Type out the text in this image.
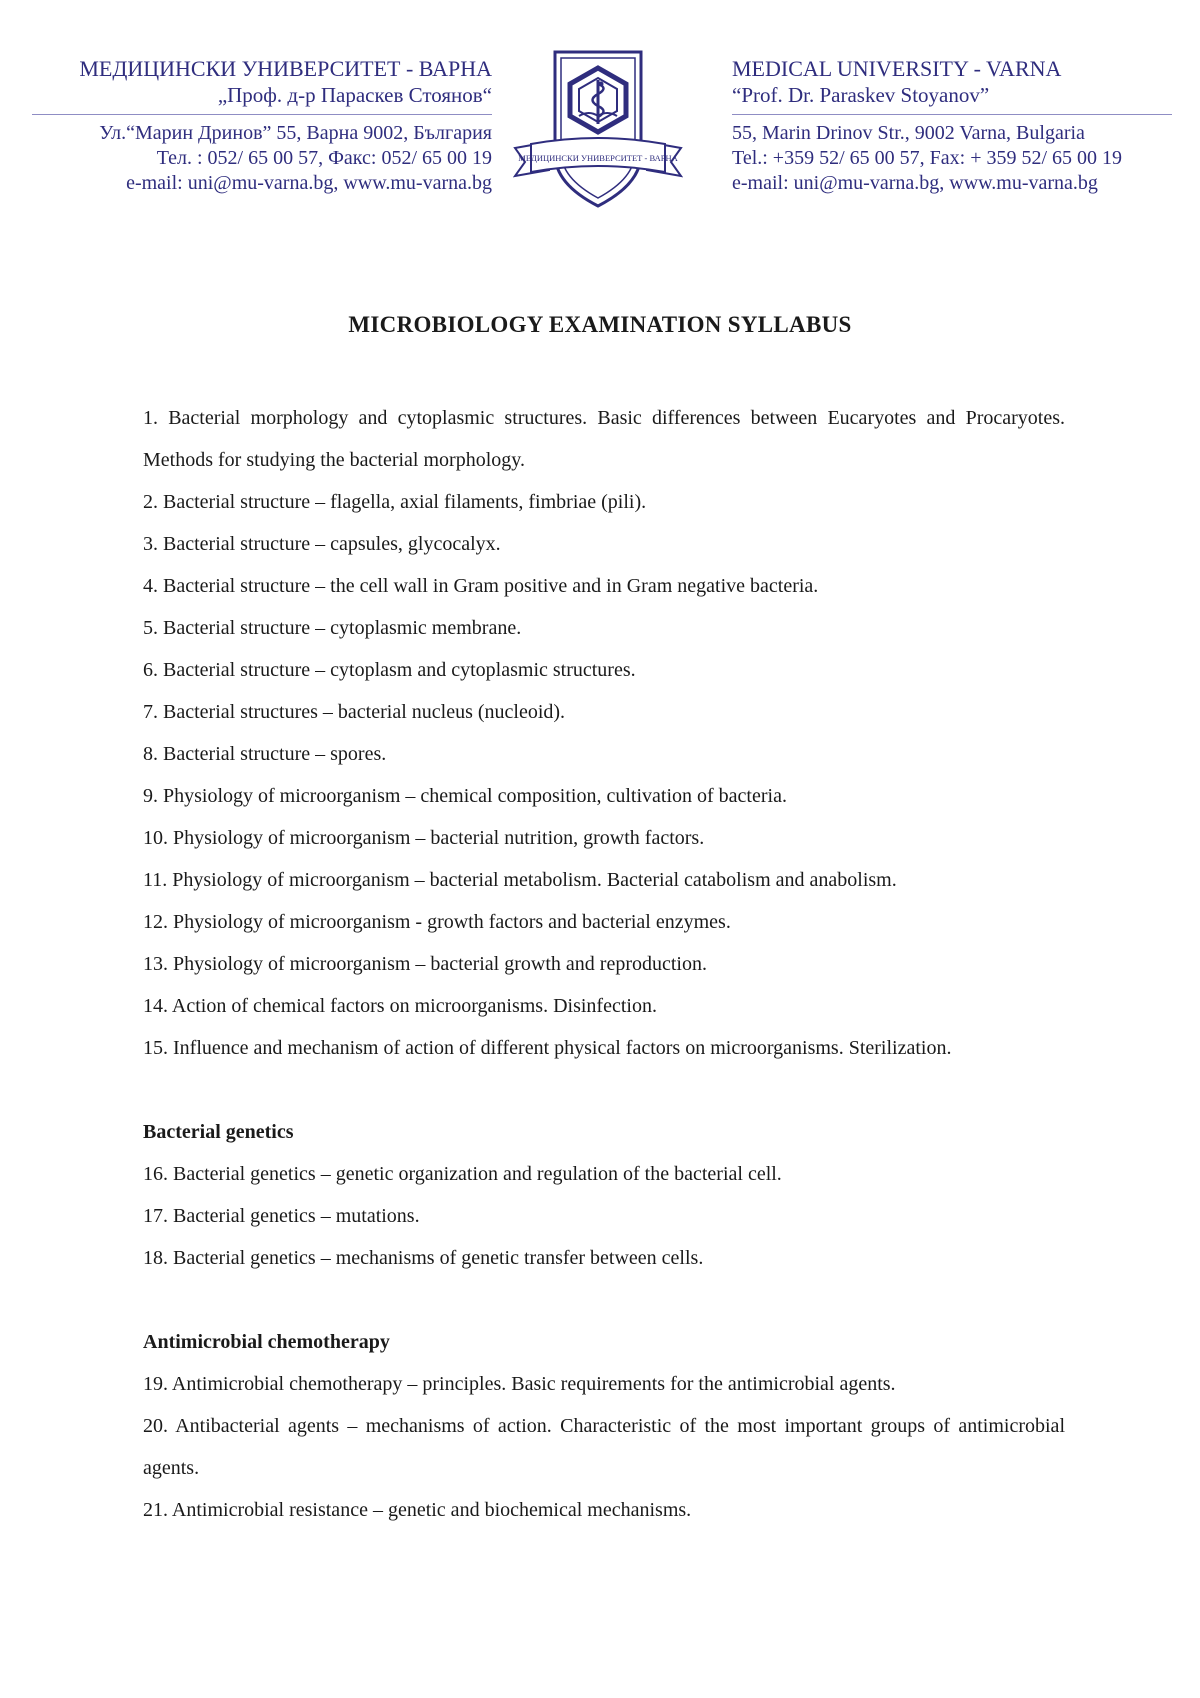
МЕДИЦИНСКИ УНИВЕРСИТЕТ - ВАРНА
„Проф. д-р Параскев Стоянов“
Ул.“Марин Дринов” 55, Варна 9002, България
Тел. : 052/ 65 00 57, Факс: 052/ 65 00 19
e-mail: uni@mu-varna.bg, www.mu-varna.bg
МЕДИЦИНСКИ УНИВЕРСИТЕТ - ВАРНА
MEDICAL UNIVERSITY - VARNA
“Prof. Dr. Paraskev Stoyanov”
55, Marin Drinov Str., 9002 Varna, Bulgaria
Tel.: +359 52/ 65 00 57, Fax: + 359 52/ 65 00 19
e-mail: uni@mu-varna.bg, www.mu-varna.bg
MICROBIOLOGY EXAMINATION SYLLABUS
1. Bacterial morphology and cytoplasmic structures. Basic differences between Eucaryotes and Procaryotes. Methods for studying the bacterial morphology.
2. Bacterial structure – flagella, axial filaments, fimbriae (pili).
3. Bacterial structure – capsules, glycocalyx.
4. Bacterial structure – the cell wall in Gram positive and in Gram negative bacteria.
5. Bacterial structure – cytoplasmic membrane.
6. Bacterial structure – cytoplasm and cytoplasmic structures.
7. Bacterial structures – bacterial nucleus (nucleoid).
8. Bacterial structure – spores.
9. Physiology of microorganism – chemical composition, cultivation of bacteria.
10. Physiology of microorganism – bacterial nutrition, growth factors.
11. Physiology of microorganism – bacterial metabolism. Bacterial catabolism and anabolism.
12. Physiology of microorganism - growth factors and bacterial enzymes.
13. Physiology of microorganism – bacterial growth and reproduction.
14. Action of chemical factors on microorganisms. Disinfection.
15. Influence and mechanism of action of different physical factors on microorganisms. Sterilization.
Bacterial genetics
16. Bacterial genetics – genetic organization and regulation of the bacterial cell.
17. Bacterial genetics – mutations.
18. Bacterial genetics – mechanisms of genetic transfer between cells.
Antimicrobial chemotherapy
19. Antimicrobial chemotherapy – principles. Basic requirements for the antimicrobial agents.
20. Antibacterial agents – mechanisms of action. Characteristic of the most important groups of antimicrobial agents.
21. Antimicrobial resistance – genetic and biochemical mechanisms.
